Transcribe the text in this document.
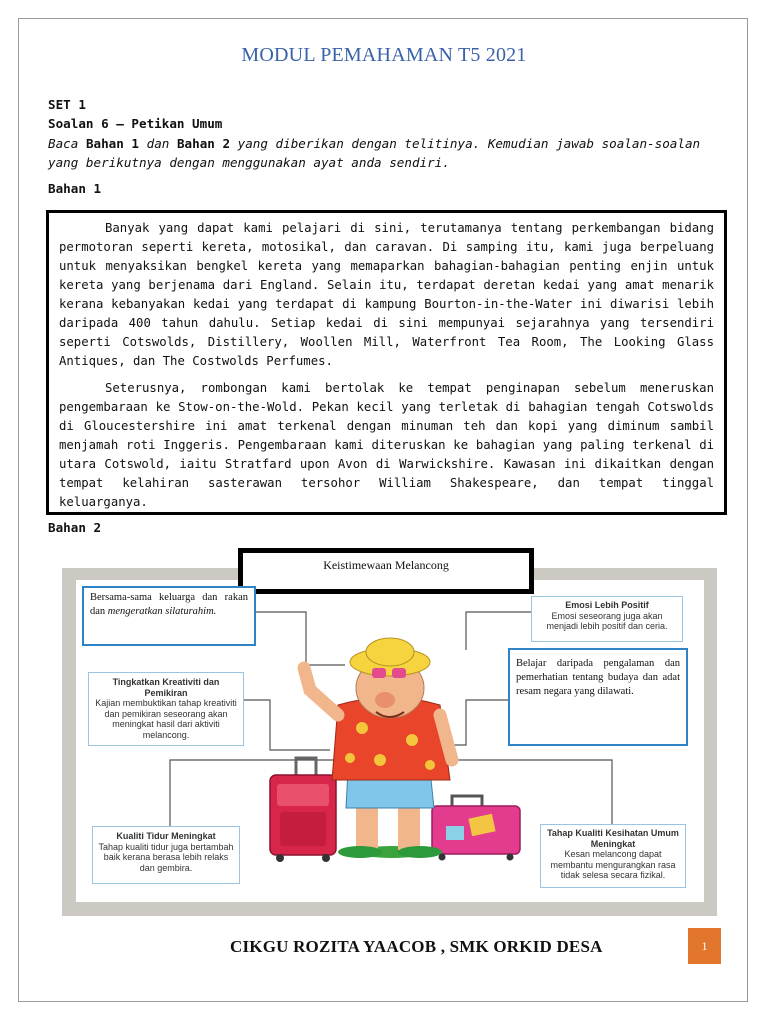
MODUL PEMAHAMAN T5 2021
SET 1
Soalan 6 – Petikan Umum
Baca Bahan 1 dan Bahan 2 yang diberikan dengan telitinya. Kemudian jawab soalan-soalan yang berikutnya dengan menggunakan ayat anda sendiri.
Bahan 1

Banyak yang dapat kami pelajari di sini, terutamanya tentang perkembangan bidang permotoran seperti kereta, motosikal, dan caravan. Di samping itu, kami juga berpeluang untuk menyaksikan bengkel kereta yang memaparkan bahagian-bahagian penting enjin untuk kereta yang berjenama dari England. Selain itu, terdapat deretan kedai yang amat menarik kerana kebanyakan kedai yang terdapat di kampung Bourton-in-the-Water ini diwarisi lebih daripada 400 tahun dahulu. Setiap kedai di sini mempunyai sejarahnya yang tersendiri seperti Cotswolds, Distillery, Woollen Mill, Waterfront Tea Room, The Looking Glass Antiques, dan The Costwolds Perfumes.

Seterusnya, rombongan kami bertolak ke tempat penginapan sebelum meneruskan pengembaraan ke Stow-on-the-Wold. Pekan kecil yang terletak di bahagian tengah Cotswolds di Gloucestershire ini amat terkenal dengan minuman teh dan kopi yang diminum sambil menjamah roti Inggeris. Pengembaraan kami diteruskan ke bahagian yang paling terkenal di utara Cotswold, iaitu Stratfard upon Avon di Warwickshire. Kawasan ini dikaitkan dengan tempat kelahiran sasterawan tersohor William Shakespeare, dan tempat tinggal keluarganya.

Bahan 2
Keistimewaan Melancong
Bersama-sama keluarga dan rakan dan mengeratkan silaturahim.
Emosi Lebih Positif
Emosi seseorang juga akan menjadi lebih positif dan ceria.
Tingkatkan Kreativiti dan Pemikiran
Kajian membuktikan tahap kreativiti dan pemikiran seseorang akan meningkat hasil dari aktiviti melancong.
Belajar daripada pengalaman dan pemerhatian tentang budaya dan adat resam negara yang dilawati.
Kualiti Tidur Meningkat
Tahap kualiti tidur juga bertambah baik kerana berasa lebih relaks dan gembira.
Tahap Kualiti Kesihatan Umum Meningkat
Kesan melancong dapat membantu mengurangkan rasa tidak selesa secara fizikal.
CIKGU ROZITA YAACOB , SMK ORKID DESA	1
